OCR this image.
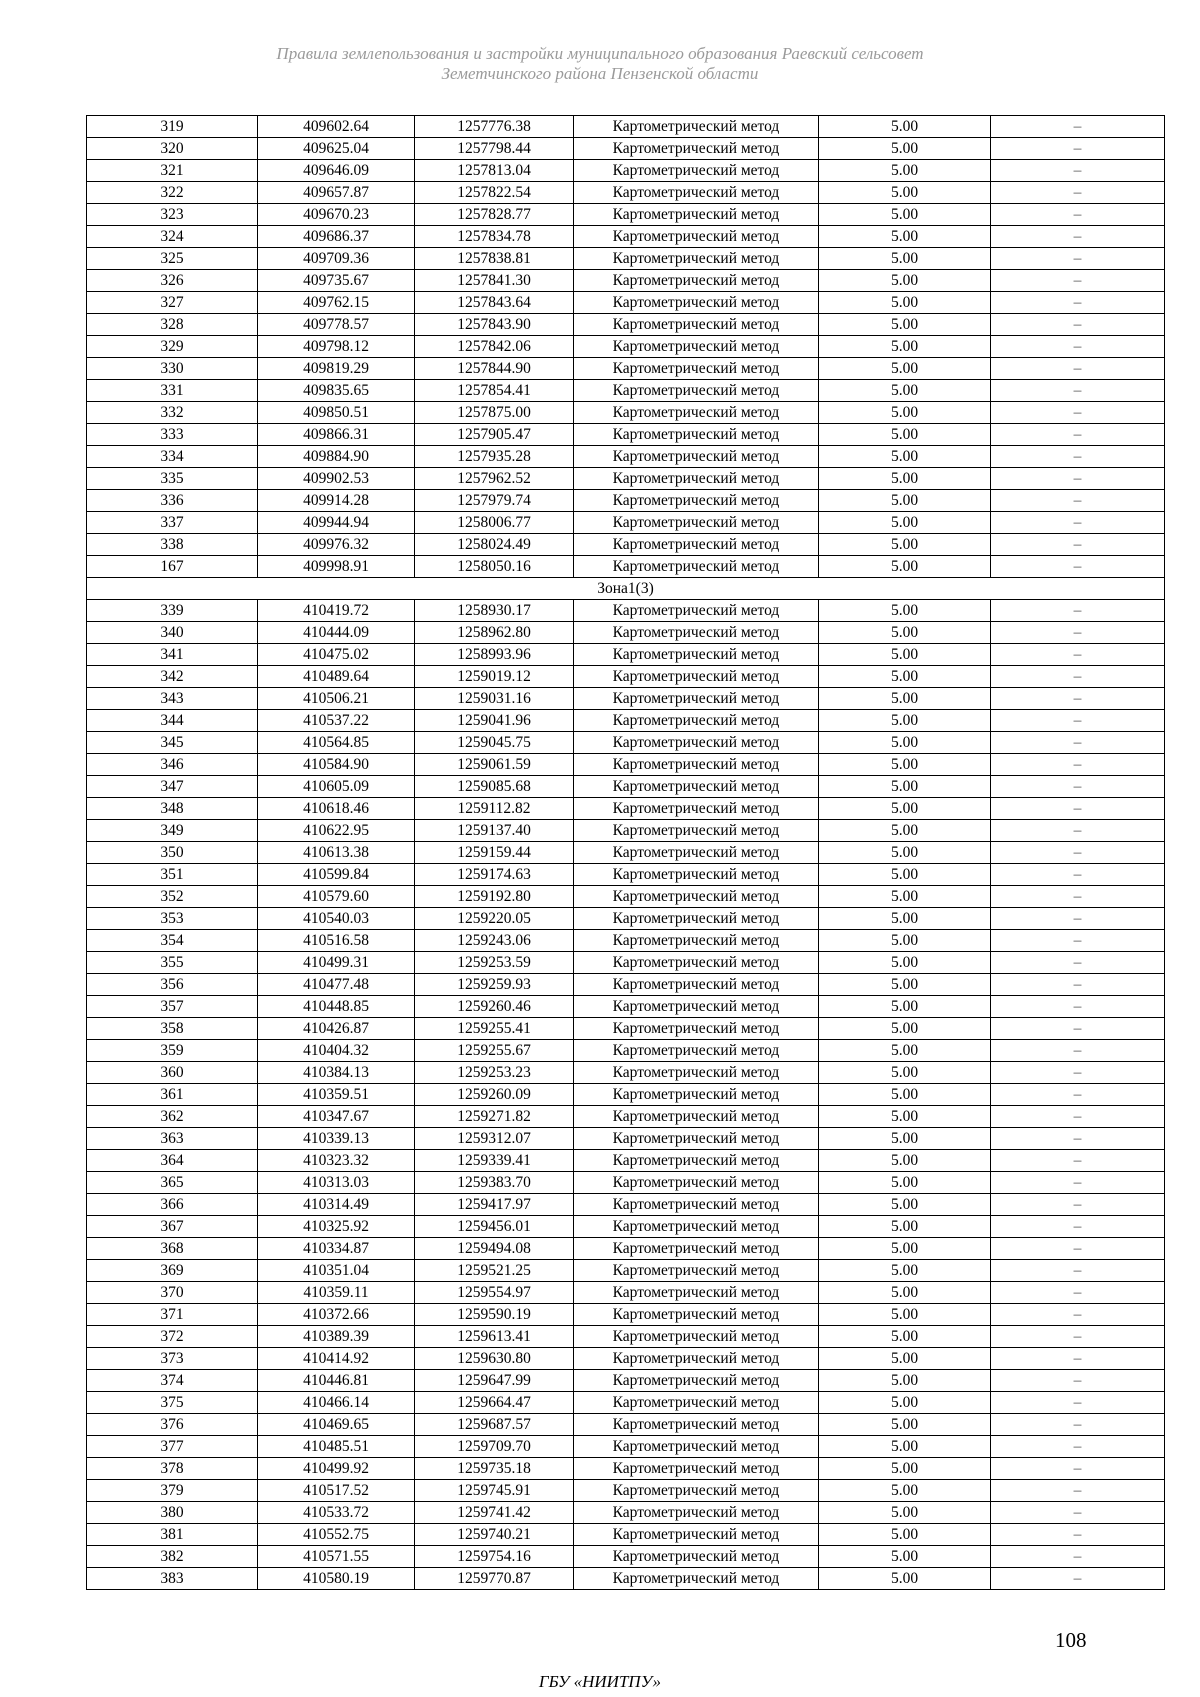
Правила землепользования и застройки муниципального образования Раевский сельсовет
Земетчинского района Пензенской области
319	409602.64	1257776.38	Картометрический метод	5.00	–
320	409625.04	1257798.44	Картометрический метод	5.00	–
321	409646.09	1257813.04	Картометрический метод	5.00	–
322	409657.87	1257822.54	Картометрический метод	5.00	–
323	409670.23	1257828.77	Картометрический метод	5.00	–
324	409686.37	1257834.78	Картометрический метод	5.00	–
325	409709.36	1257838.81	Картометрический метод	5.00	–
326	409735.67	1257841.30	Картометрический метод	5.00	–
327	409762.15	1257843.64	Картометрический метод	5.00	–
328	409778.57	1257843.90	Картометрический метод	5.00	–
329	409798.12	1257842.06	Картометрический метод	5.00	–
330	409819.29	1257844.90	Картометрический метод	5.00	–
331	409835.65	1257854.41	Картометрический метод	5.00	–
332	409850.51	1257875.00	Картометрический метод	5.00	–
333	409866.31	1257905.47	Картометрический метод	5.00	–
334	409884.90	1257935.28	Картометрический метод	5.00	–
335	409902.53	1257962.52	Картометрический метод	5.00	–
336	409914.28	1257979.74	Картометрический метод	5.00	–
337	409944.94	1258006.77	Картометрический метод	5.00	–
338	409976.32	1258024.49	Картометрический метод	5.00	–
167	409998.91	1258050.16	Картометрический метод	5.00	–
Зона1(3)					
339	410419.72	1258930.17	Картометрический метод	5.00	–
340	410444.09	1258962.80	Картометрический метод	5.00	–
341	410475.02	1258993.96	Картометрический метод	5.00	–
342	410489.64	1259019.12	Картометрический метод	5.00	–
343	410506.21	1259031.16	Картометрический метод	5.00	–
344	410537.22	1259041.96	Картометрический метод	5.00	–
345	410564.85	1259045.75	Картометрический метод	5.00	–
346	410584.90	1259061.59	Картометрический метод	5.00	–
347	410605.09	1259085.68	Картометрический метод	5.00	–
348	410618.46	1259112.82	Картометрический метод	5.00	–
349	410622.95	1259137.40	Картометрический метод	5.00	–
350	410613.38	1259159.44	Картометрический метод	5.00	–
351	410599.84	1259174.63	Картометрический метод	5.00	–
352	410579.60	1259192.80	Картометрический метод	5.00	–
353	410540.03	1259220.05	Картометрический метод	5.00	–
354	410516.58	1259243.06	Картометрический метод	5.00	–
355	410499.31	1259253.59	Картометрический метод	5.00	–
356	410477.48	1259259.93	Картометрический метод	5.00	–
357	410448.85	1259260.46	Картометрический метод	5.00	–
358	410426.87	1259255.41	Картометрический метод	5.00	–
359	410404.32	1259255.67	Картометрический метод	5.00	–
360	410384.13	1259253.23	Картометрический метод	5.00	–
361	410359.51	1259260.09	Картометрический метод	5.00	–
362	410347.67	1259271.82	Картометрический метод	5.00	–
363	410339.13	1259312.07	Картометрический метод	5.00	–
364	410323.32	1259339.41	Картометрический метод	5.00	–
365	410313.03	1259383.70	Картометрический метод	5.00	–
366	410314.49	1259417.97	Картометрический метод	5.00	–
367	410325.92	1259456.01	Картометрический метод	5.00	–
368	410334.87	1259494.08	Картометрический метод	5.00	–
369	410351.04	1259521.25	Картометрический метод	5.00	–
370	410359.11	1259554.97	Картометрический метод	5.00	–
371	410372.66	1259590.19	Картометрический метод	5.00	–
372	410389.39	1259613.41	Картометрический метод	5.00	–
373	410414.92	1259630.80	Картометрический метод	5.00	–
374	410446.81	1259647.99	Картометрический метод	5.00	–
375	410466.14	1259664.47	Картометрический метод	5.00	–
376	410469.65	1259687.57	Картометрический метод	5.00	–
377	410485.51	1259709.70	Картометрический метод	5.00	–
378	410499.92	1259735.18	Картометрический метод	5.00	–
379	410517.52	1259745.91	Картометрический метод	5.00	–
380	410533.72	1259741.42	Картометрический метод	5.00	–
381	410552.75	1259740.21	Картометрический метод	5.00	–
382	410571.55	1259754.16	Картометрический метод	5.00	–
383	410580.19	1259770.87	Картометрический метод	5.00	–
108
ГБУ «НИИТПУ»
